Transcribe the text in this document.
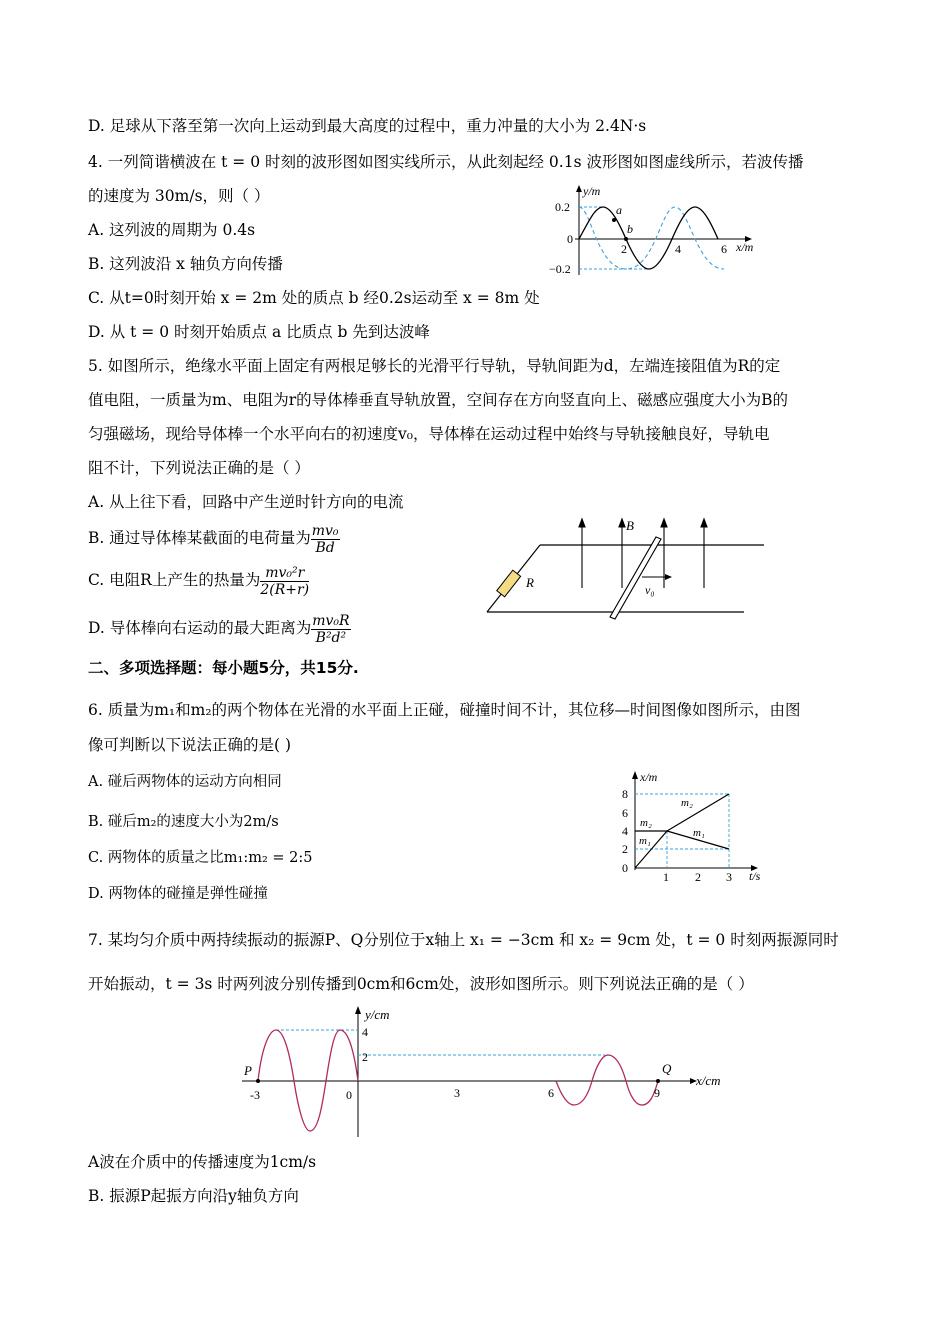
D. 足球从下落至第一次向上运动到最大高度的过程中，重力冲量的大小为 2.4N·s
4. 一列简谐横波在 t = 0 时刻的波形图如图实线所示，从此刻起经 0.1s 波形图如图虚线所示，若波传播
的速度为 30m/s，则（ ）
A. 这列波的周期为 0.4s
B. 这列波沿 x 轴负方向传播
C. 从t=0时刻开始 x = 2m 处的质点 b 经0.2s运动至 x = 8m 处
D. 从 t = 0 时刻开始质点 a 比质点 b 先到达波峰
a
b
y/m
x/m
0.2
−0.2
0
2	4	6
5. 如图所示，绝缘水平面上固定有两根足够长的光滑平行导轨，导轨间距为d，左端连接阻值为R的定
值电阻，一质量为m、电阻为r的导体棒垂直导轨放置，空间存在方向竖直向上、磁感应强度大小为B的
匀强磁场，现给导体棒一个水平向右的初速度v₀，导体棒在运动过程中始终与导轨接触良好，导轨电
阻不计，下列说法正确的是（ ）
A. 从上往下看，回路中产生逆时针方向的电流
B. 通过导体棒某截面的电荷量为 $\frac{\text{mv₀}}{Bd}$
C. 电阻R上产生的热量为 $\frac{\text{mv₀²r}}{2(R+r)}$
D. 导体棒向右运动的最大距离为 $\frac{\text{mv₀R}}{\text{B²d²}}$
R
B
v₀
二、多项选择题：每小题5分，共15分.
6. 质量为m₁和m₂的两个物体在光滑的水平面上正碰，碰撞时间不计，其位移—时间图像如图所示，由图
像可判断以下说法正确的是( )
A. 碰后两物体的运动方向相同
B. 碰后m₂的速度大小为2m/s
C. 两物体的质量之比m₁:m₂ = 2:5
D. 两物体的碰撞是弹性碰撞
x/m
t/s
8
6
4
2
0
1 2 3
m₂
m₁
m₂
m₁
7. 某均匀介质中两持续振动的振源P、Q分别位于x轴上 x₁ = −3cm 和 x₂ = 9cm 处，t = 0 时刻两振源同时
开始振动，t = 3s 时两列波分别传播到0cm和6cm处，波形如图所示。则下列说法正确的是（ ）
y/cm
x/cm
4
2
-3	0	3	6	9
P	Q
A波在介质中的传播速度为1cm/s
B. 振源P起振方向沿y轴负方向
